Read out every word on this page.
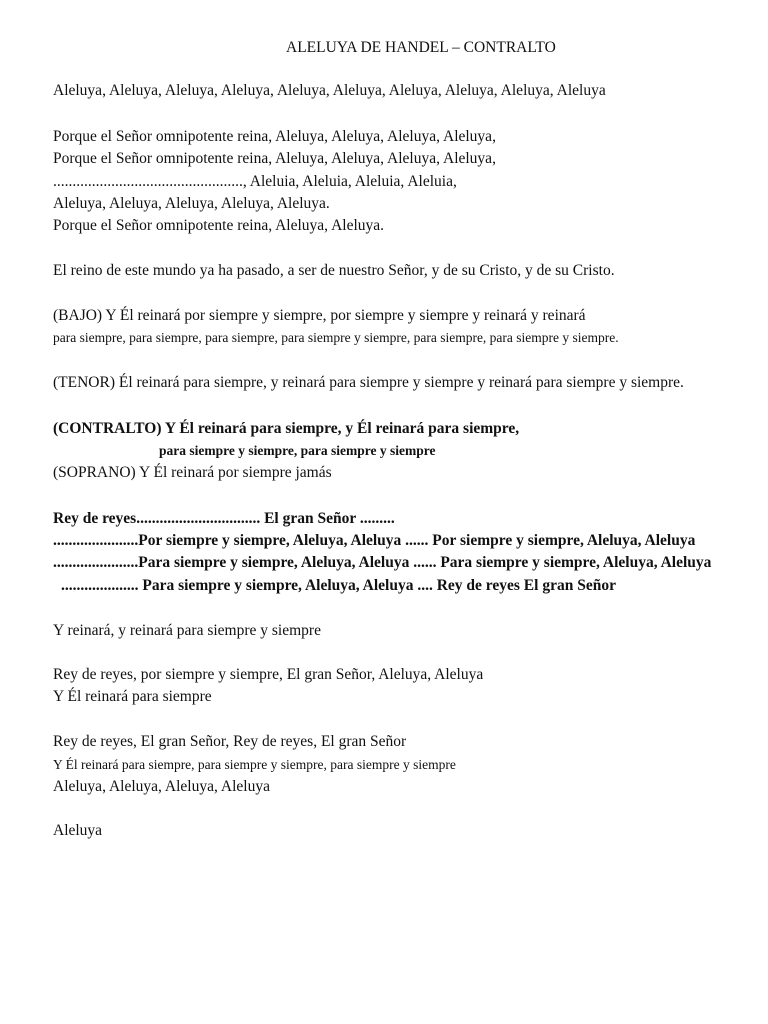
ALELUYA DE HANDEL – CONTRALTO

Aleluya, Aleluya, Aleluya, Aleluya, Aleluya, Aleluya, Aleluya, Aleluya, Aleluya, Aleluya

Porque el Señor omnipotente reina, Aleluya, Aleluya, Aleluya, Aleluya,

Porque el Señor omnipotente reina, Aleluya, Aleluya, Aleluya, Aleluya,

................................................., Aleluia, Aleluia, Aleluia, Aleluia,

Aleluya, Aleluya, Aleluya, Aleluya, Aleluya.

Porque el Señor omnipotente reina, Aleluya, Aleluya.

El reino de este mundo ya ha pasado, a ser de nuestro Señor, y de su Cristo, y de su Cristo.

(BAJO) Y Él reinará por siempre y siempre, por siempre y siempre y reinará y reinará

para siempre, para siempre, para siempre, para siempre y siempre, para siempre, para siempre y siempre.

(TENOR) Él reinará para siempre, y reinará para siempre y siempre y reinará para siempre y siempre.

(CONTRALTO) Y Él reinará para siempre, y Él reinará para siempre,

para siempre y siempre, para siempre y siempre

(SOPRANO) Y Él reinará por siempre jamás

Rey de reyes................................ El gran Señor .........

......................Por siempre y siempre, Aleluya, Aleluya ...... Por siempre y siempre, Aleluya, Aleluya

......................Para siempre y siempre, Aleluya, Aleluya ...... Para siempre y siempre, Aleluya, Aleluya

.................... Para siempre y siempre, Aleluya, Aleluya .... Rey de reyes El gran Señor

Y reinará, y reinará para siempre y siempre

Rey de reyes, por siempre y siempre, El gran Señor, Aleluya, Aleluya

Y Él reinará para siempre

Rey de reyes, El gran Señor, Rey de reyes, El gran Señor

Y Él reinará para siempre, para siempre y siempre, para siempre y siempre

Aleluya, Aleluya, Aleluya, Aleluya

Aleluya
